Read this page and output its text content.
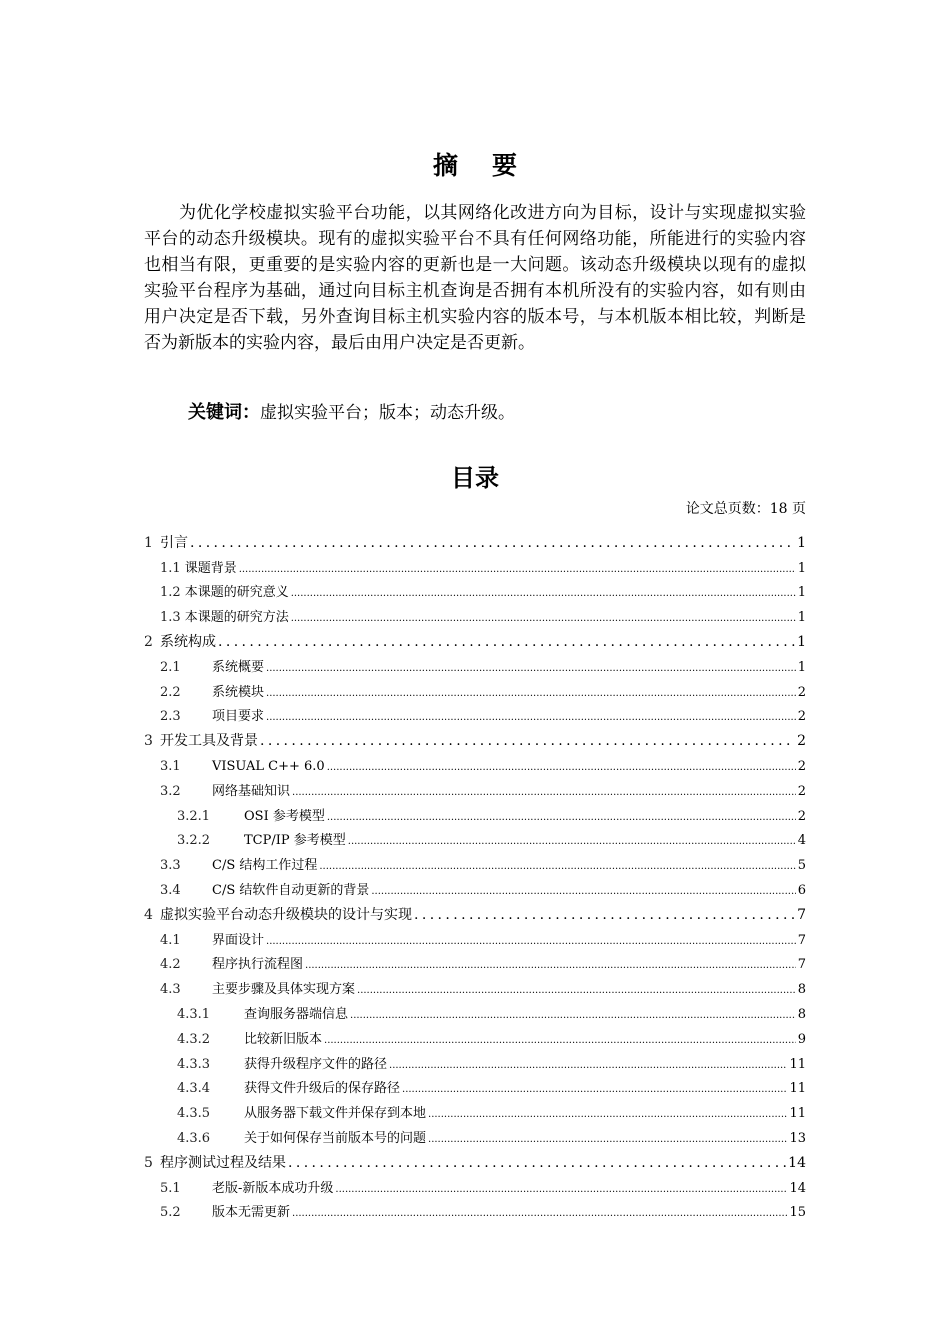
摘要

为优化学校虚拟实验平台功能，以其网络化改进方向为目标，设计与实现虚拟实验平台的动态升级模块。现有的虚拟实验平台不具有任何网络功能，所能进行的实验内容也相当有限，更重要的是实验内容的更新也是一大问题。该动态升级模块以现有的虚拟实验平台程序为基础，通过向目标主机查询是否拥有本机所没有的实验内容，如有则由用户决定是否下载，另外查询目标主机实验内容的版本号，与本机版本相比较，判断是否为新版本的实验内容，最后由用户决定是否更新。

关键词：虚拟实验平台；版本；动态升级。
目录
论文总页数：18 页
1 引言 .....	1
1.1 课题背景 .....	1
1.2 本课题的研究意义 .....	1
1.3 本课题的研究方法 .....	1
2 系统构成 .....	1
2.1	系统概要 .....	1
2.2	系统模块 .....	2
2.3	项目要求 .....	2
3 开发工具及背景 .....	2
3.1	VISUAL C++ 6.0 .....	2
3.2	网络基础知识 .....	2
3.2.1	OSI 参考模型 .....	2
3.2.2	TCP/IP 参考模型 .....	4
3.3	C/S 结构工作过程 .....	5
3.4	C/S 结软件自动更新的背景 .....	6
4 虚拟实验平台动态升级模块的设计与实现 .....	7
4.1	界面设计 .....	7
4.2	程序执行流程图 .....	7
4.3	主要步骤及具体实现方案 .....	8
4.3.1	查询服务器端信息 .....	8
4.3.2	比较新旧版本 .....	9
4.3.3	获得升级程序文件的路径 .....	11
4.3.4	获得文件升级后的保存路径 .....	11
4.3.5	从服务器下载文件并保存到本地 .....	11
4.3.6	关于如何保存当前版本号的问题 .....	13
5 程序测试过程及结果 .....	14
5.1	老版-新版本成功升级 .....	14
5.2	版本无需更新 .....	15
